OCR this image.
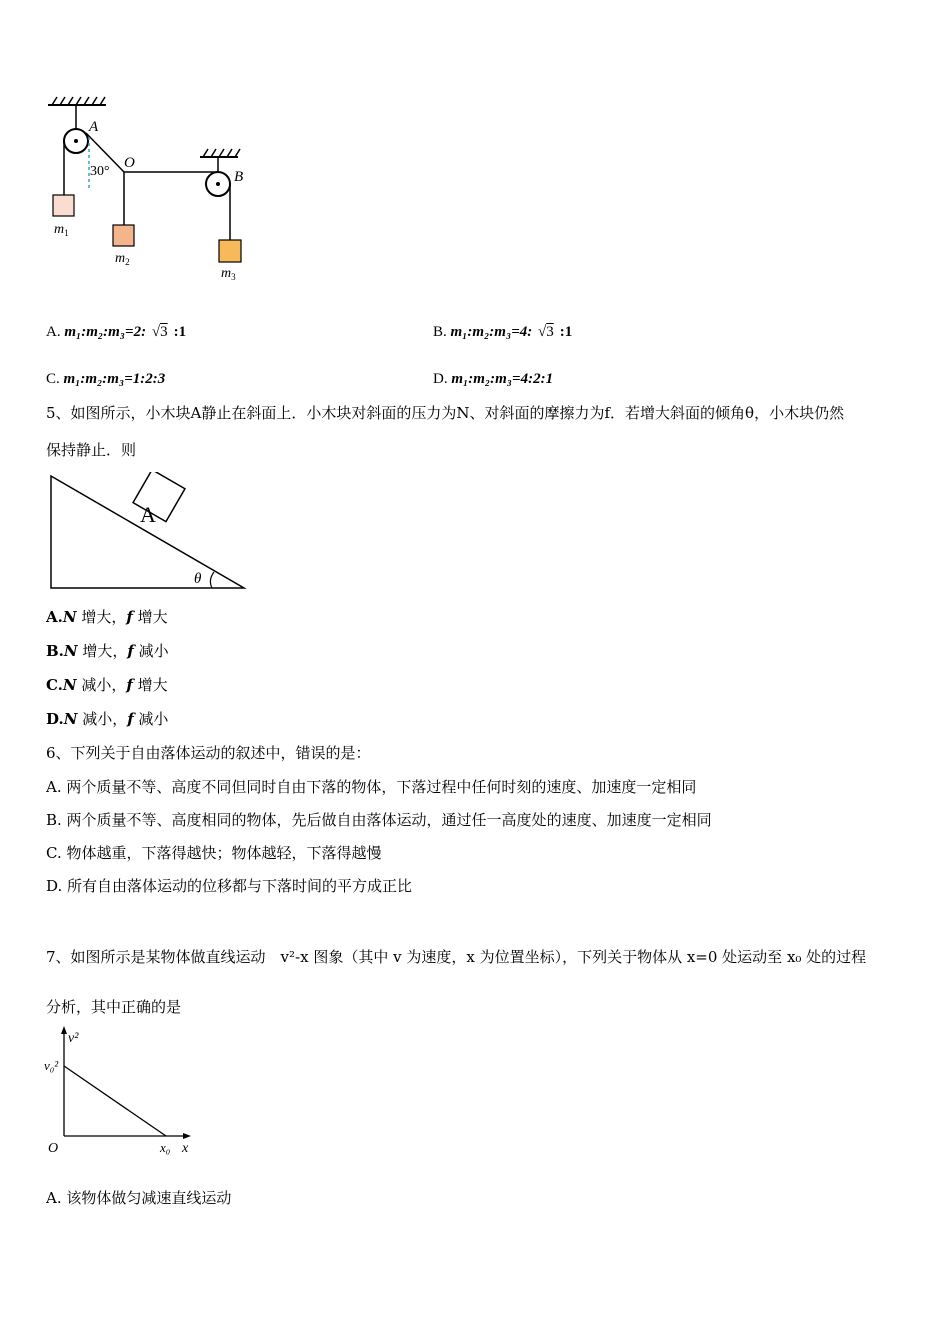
A
30°
O
B
$m_1$
$m_2$
$m_3$
A. m₁:m₂:m₃=2: √3 :1	B. m₁:m₂:m₃=4: √3 :1
C. m₁:m₂:m₃=1:2:3	D. m₁:m₂:m₃=4:2:1
5、如图所示，小木块A静止在斜面上．小木块对斜面的压力为N、对斜面的摩擦力为f．若增大斜面的倾角θ，小木块仍然
保持静止．则
A
θ
A.N 增大，f 增大
B.N 增大，f 减小
C.N 减小，f 增大
D.N 减小，f 减小
6、下列关于自由落体运动的叙述中，错误的是：
A. 两个质量不等、高度不同但同时自由下落的物体，下落过程中任何时刻的速度、加速度一定相同
B. 两个质量不等、高度相同的物体，先后做自由落体运动，通过任一高度处的速度、加速度一定相同
C. 物体越重，下落得越快；物体越轻，下落得越慢
D. 所有自由落体运动的位移都与下落时间的平方成正比
7、如图所示是某物体做直线运动　v²-x 图象（其中 v 为速度，x 为位置坐标），下列关于物体从 x=0 处运动至 x₀ 处的过程
分析，其中正确的是
v²
v₀²
O	x₀ x
A. 该物体做匀减速直线运动
